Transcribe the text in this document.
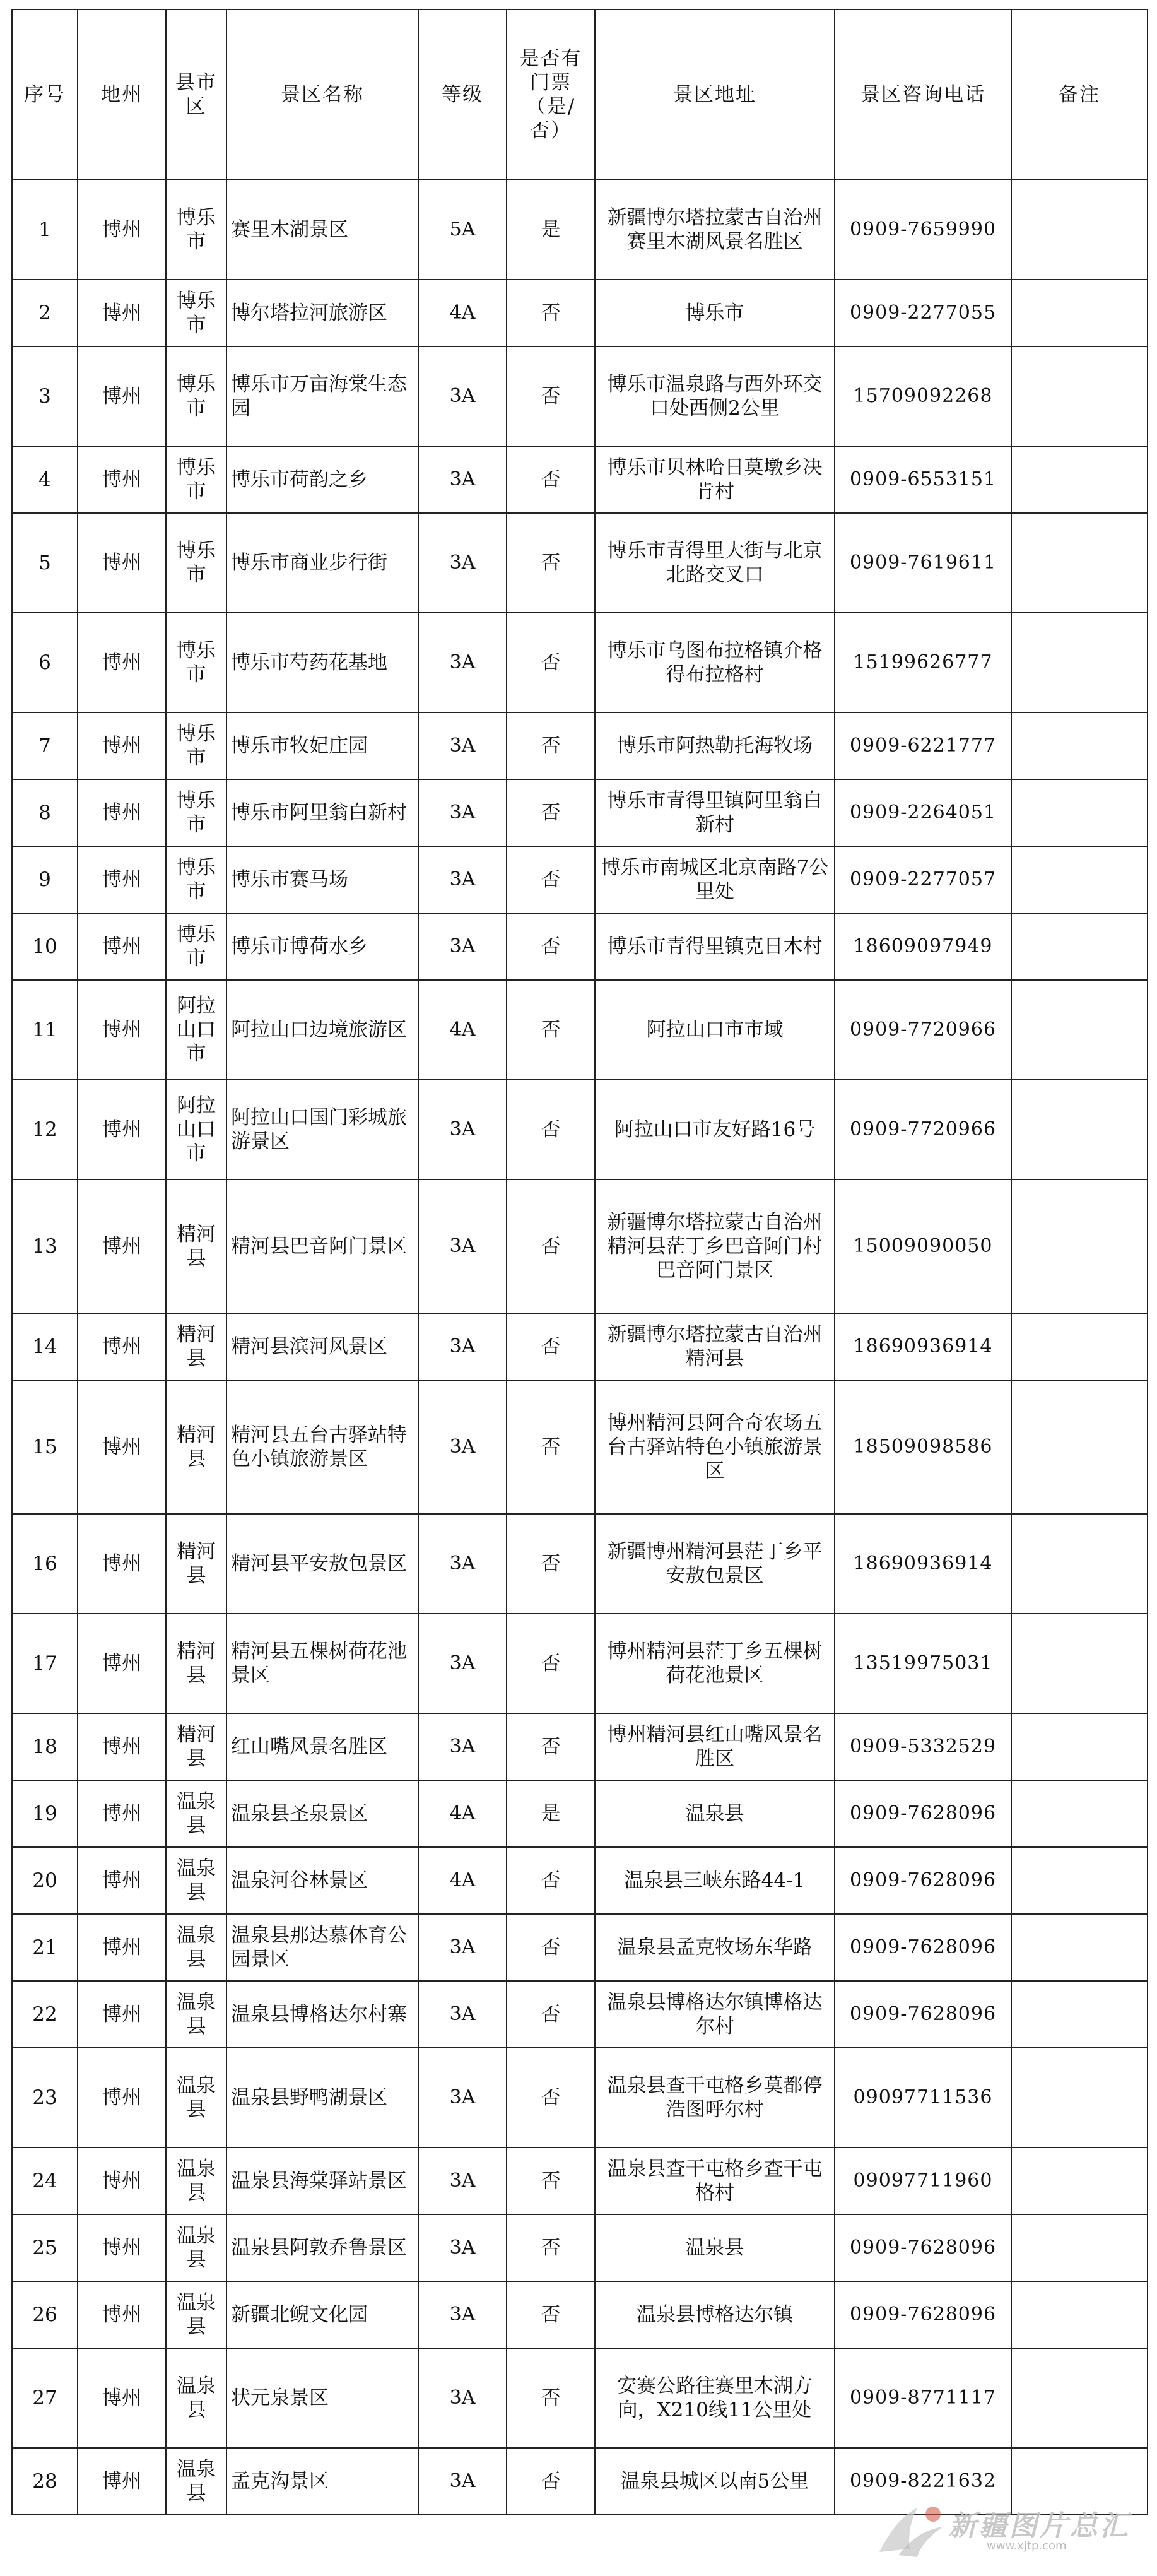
序号	地州	县市区	景区名称	等级	是否有门票（是/否）	景区地址	景区咨询电话	备注
1	博州	博乐市	赛里木湖景区	5A	是	新疆博尔塔拉蒙古自治州赛里木湖风景名胜区	0909-7659990	
2	博州	博乐市	博尔塔拉河旅游区	4A	否	博乐市	0909-2277055	
3	博州	博乐市	博乐市万亩海棠生态园	3A	否	博乐市温泉路与西外环交口处西侧2公里	15709092268	
4	博州	博乐市	博乐市荷韵之乡	3A	否	博乐市贝林哈日莫墩乡决肯村	0909-6553151	
5	博州	博乐市	博乐市商业步行街	3A	否	博乐市青得里大街与北京北路交叉口	0909-7619611	
6	博州	博乐市	博乐市芍药花基地	3A	否	博乐市乌图布拉格镇介格得布拉格村	15199626777	
7	博州	博乐市	博乐市牧妃庄园	3A	否	博乐市阿热勒托海牧场	0909-6221777	
8	博州	博乐市	博乐市阿里翁白新村	3A	否	博乐市青得里镇阿里翁白新村	0909-2264051	
9	博州	博乐市	博乐市赛马场	3A	否	博乐市南城区北京南路7公里处	0909-2277057	
10	博州	博乐市	博乐市博荷水乡	3A	否	博乐市青得里镇克日木村	18609097949	
11	博州	阿拉山口市	阿拉山口边境旅游区	4A	否	阿拉山口市市域	0909-7720966	
12	博州	阿拉山口市	阿拉山口国门彩城旅游景区	3A	否	阿拉山口市友好路16号	0909-7720966	
13	博州	精河县	精河县巴音阿门景区	3A	否	新疆博尔塔拉蒙古自治州精河县茫丁乡巴音阿门村巴音阿门景区	15009090050	
14	博州	精河县	精河县滨河风景区	3A	否	新疆博尔塔拉蒙古自治州精河县	18690936914	
15	博州	精河县	精河县五台古驿站特色小镇旅游景区	3A	否	博州精河县阿合奇农场五台古驿站特色小镇旅游景区	18509098586	
16	博州	精河县	精河县平安敖包景区	3A	否	新疆博州精河县茫丁乡平安敖包景区	18690936914	
17	博州	精河县	精河县五棵树荷花池景区	3A	否	博州精河县茫丁乡五棵树荷花池景区	13519975031	
18	博州	精河县	红山嘴风景名胜区	3A	否	博州精河县红山嘴风景名胜区	0909-5332529	
19	博州	温泉县	温泉县圣泉景区	4A	是	温泉县	0909-7628096	
20	博州	温泉县	温泉河谷林景区	4A	否	温泉县三峡东路44-1	0909-7628096	
21	博州	温泉县	温泉县那达慕体育公园景区	3A	否	温泉县孟克牧场东华路	0909-7628096	
22	博州	温泉县	温泉县博格达尔村寨	3A	否	温泉县博格达尔镇博格达尔村	0909-7628096	
23	博州	温泉县	温泉县野鸭湖景区	3A	否	温泉县查干屯格乡莫都停浩图呼尔村	09097711536	
24	博州	温泉县	温泉县海棠驿站景区	3A	否	温泉县查干屯格乡查干屯格村	09097711960	
25	博州	温泉县	温泉县阿敦乔鲁景区	3A	否	温泉县	0909-7628096	
26	博州	温泉县	新疆北鲵文化园	3A	否	温泉县博格达尔镇	0909-7628096	
27	博州	温泉县	状元泉景区	3A	否	安赛公路往赛里木湖方向，X210线11公里处	0909-8771117	
28	博州	温泉县	孟克沟景区	3A	否	温泉县城区以南5公里	0909-8221632	
新疆图片总汇
www.xjtp.com
